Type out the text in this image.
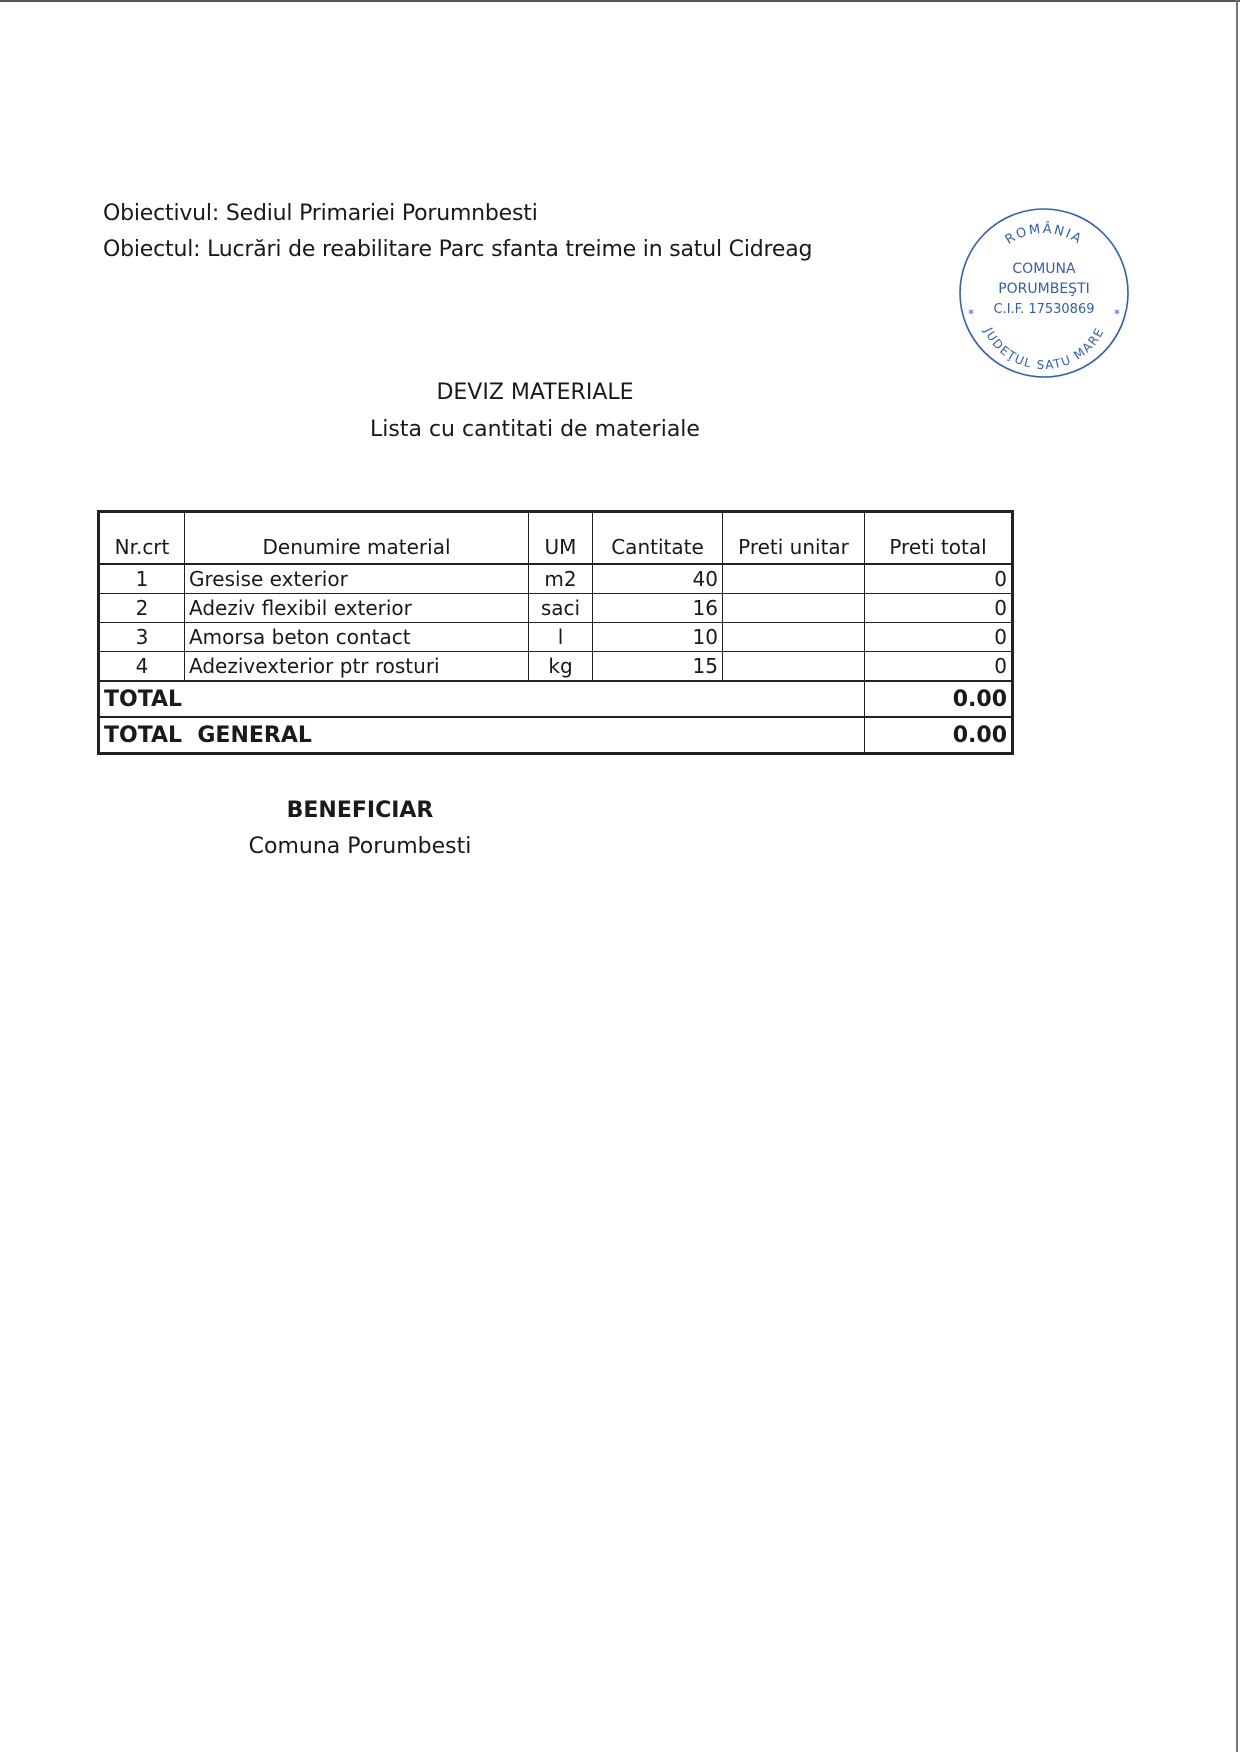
Obiectivul: Sediul Primariei Porumnbesti
Obiectul: Lucrări de reabilitare Parc sfanta treime in satul Cidreag	ROMÂNIA
JUDEŢUL SATU MARE
COMUNA
PORUMBEŞTI
C.I.F. 17530869
*	*
DEVIZ MATERIALE
Lista cu cantitati de materiale
Nr.crt	Denumire material	UM	Cantitate	Preti unitar	Preti total
1	Gresise exterior	m2	40		0
2	Adeziv flexibil exterior	saci	16		0
3	Amorsa beton contact	l	10		0
4	Adezivexterior ptr rosturi	kg	15		0
TOTAL					0.00
TOTAL  GENERAL					0.00
BENEFICIAR
Comuna Porumbesti
